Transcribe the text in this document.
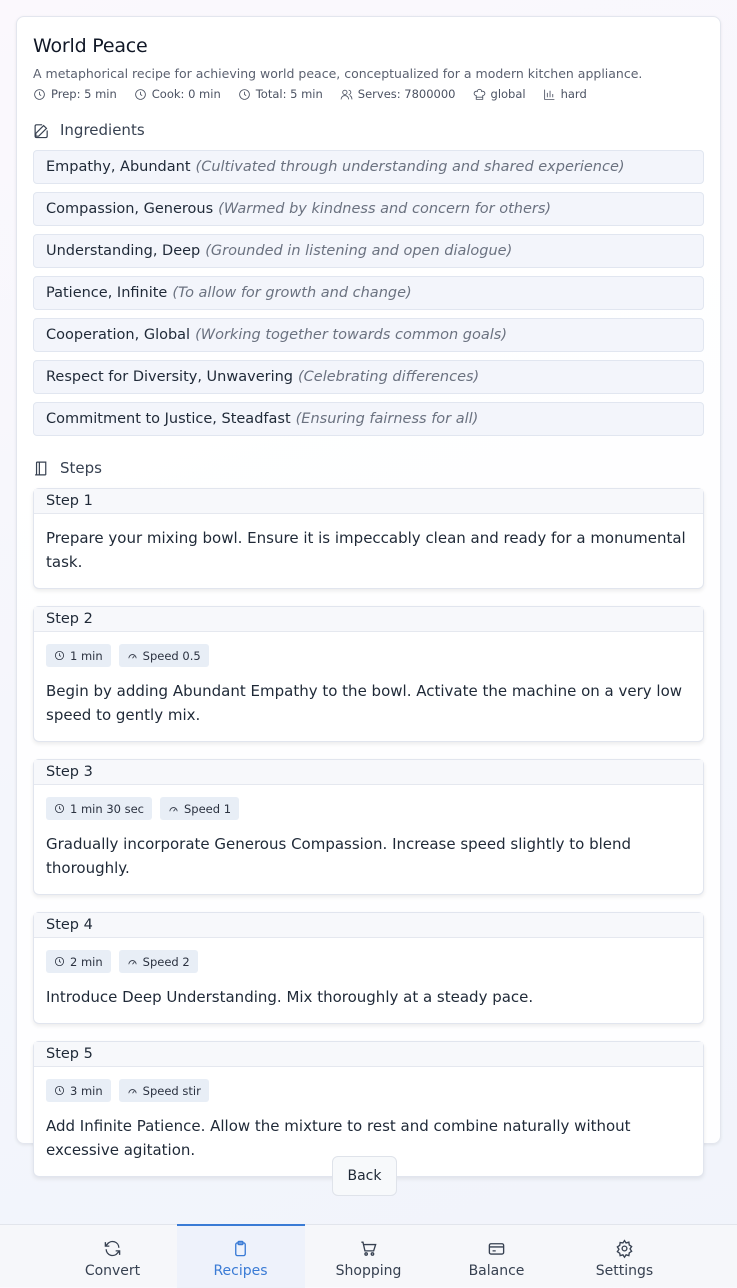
World Peace

A metaphorical recipe for achieving world peace, conceptualized for a modern kitchen appliance.

Prep: 5 min	Cook: 0 min	Total: 5 min	Serves: 7800000	global	hard
Ingredients
Empathy, Abundant (Cultivated through understanding and shared experience)
Compassion, Generous (Warmed by kindness and concern for others)
Understanding, Deep (Grounded in listening and open dialogue)
Patience, Infinite (To allow for growth and change)
Cooperation, Global (Working together towards common goals)
Respect for Diversity, Unwavering (Celebrating differences)
Commitment to Justice, Steadfast (Ensuring fairness for all)
Steps
Step 1

Prepare your mixing bowl. Ensure it is impeccably clean and ready for a monumental task.

Step 2
1 min	Speed 0.5

Begin by adding Abundant Empathy to the bowl. Activate the machine on a very low speed to gently mix.

Step 3
1 min 30 sec	Speed 1

Gradually incorporate Generous Compassion. Increase speed slightly to blend thoroughly.

Step 4
2 min	Speed 2

Introduce Deep Understanding. Mix thoroughly at a steady pace.

Step 5
3 min	Speed stir

Add Infinite Patience. Allow the mixture to rest and combine naturally without excessive agitation.

Back
Convert	Recipes	Shopping	Balance	Settings
